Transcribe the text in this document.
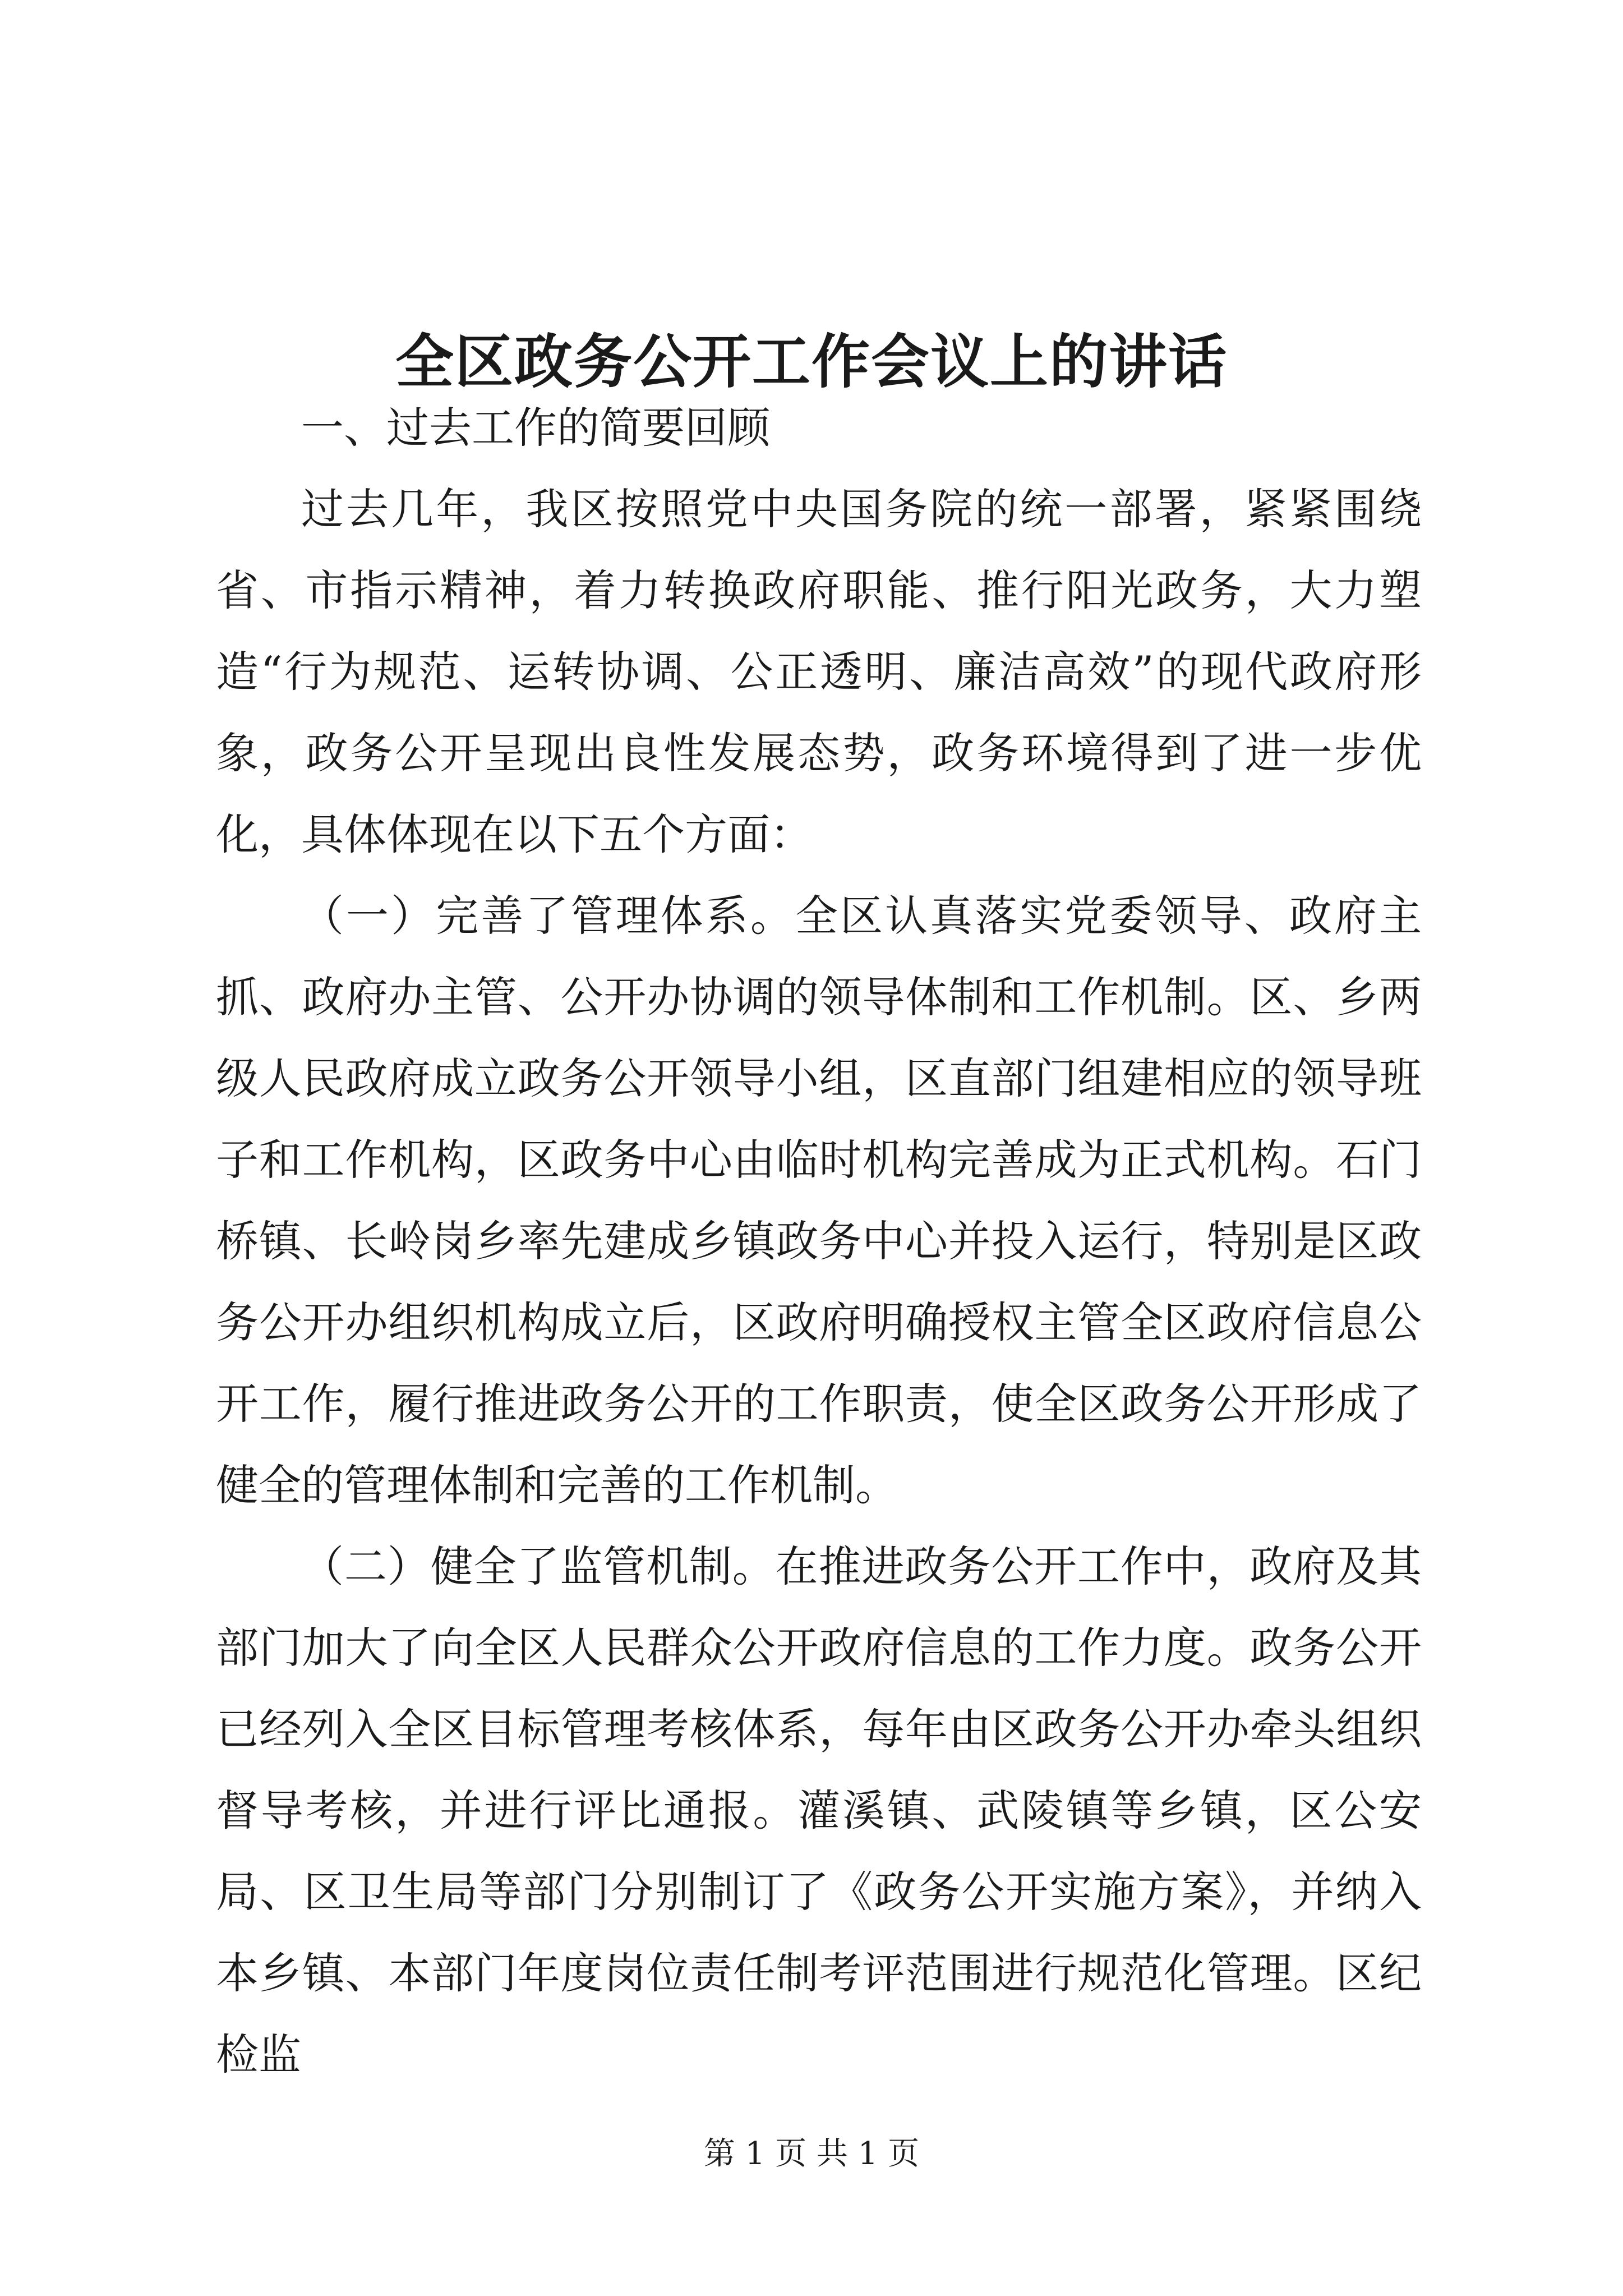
全区政务公开工作会议上的讲话

一、过去工作的简要回顾

过去几年，我区按照党中央国务院的统一部署，紧紧围绕省、市指示精神，着力转换政府职能、推行阳光政务，大力塑造“行为规范、运转协调、公正透明、廉洁高效”的现代政府形象，政务公开呈现出良性发展态势，政务环境得到了进一步优化，具体体现在以下五个方面：

（一）完善了管理体系。全区认真落实党委领导、政府主抓、政府办主管、公开办协调的领导体制和工作机制。区、乡两级人民政府成立政务公开领导小组，区直部门组建相应的领导班子和工作机构，区政务中心由临时机构完善成为正式机构。石门桥镇、长岭岗乡率先建成乡镇政务中心并投入运行，特别是区政务公开办组织机构成立后，区政府明确授权主管全区政府信息公开工作，履行推进政务公开的工作职责，使全区政务公开形成了健全的管理体制和完善的工作机制。

（二）健全了监管机制。在推进政务公开工作中，政府及其部门加大了向全区人民群众公开政府信息的工作力度。政务公开已经列入全区目标管理考核体系，每年由区政务公开办牵头组织督导考核，并进行评比通报。灌溪镇、武陵镇等乡镇，区公安局、区卫生局等部门分别制订了《政务公开实施方案》，并纳入本乡镇、本部门年度岗位责任制考评范围进行规范化管理。区纪检监

第 1 页 共 1 页
